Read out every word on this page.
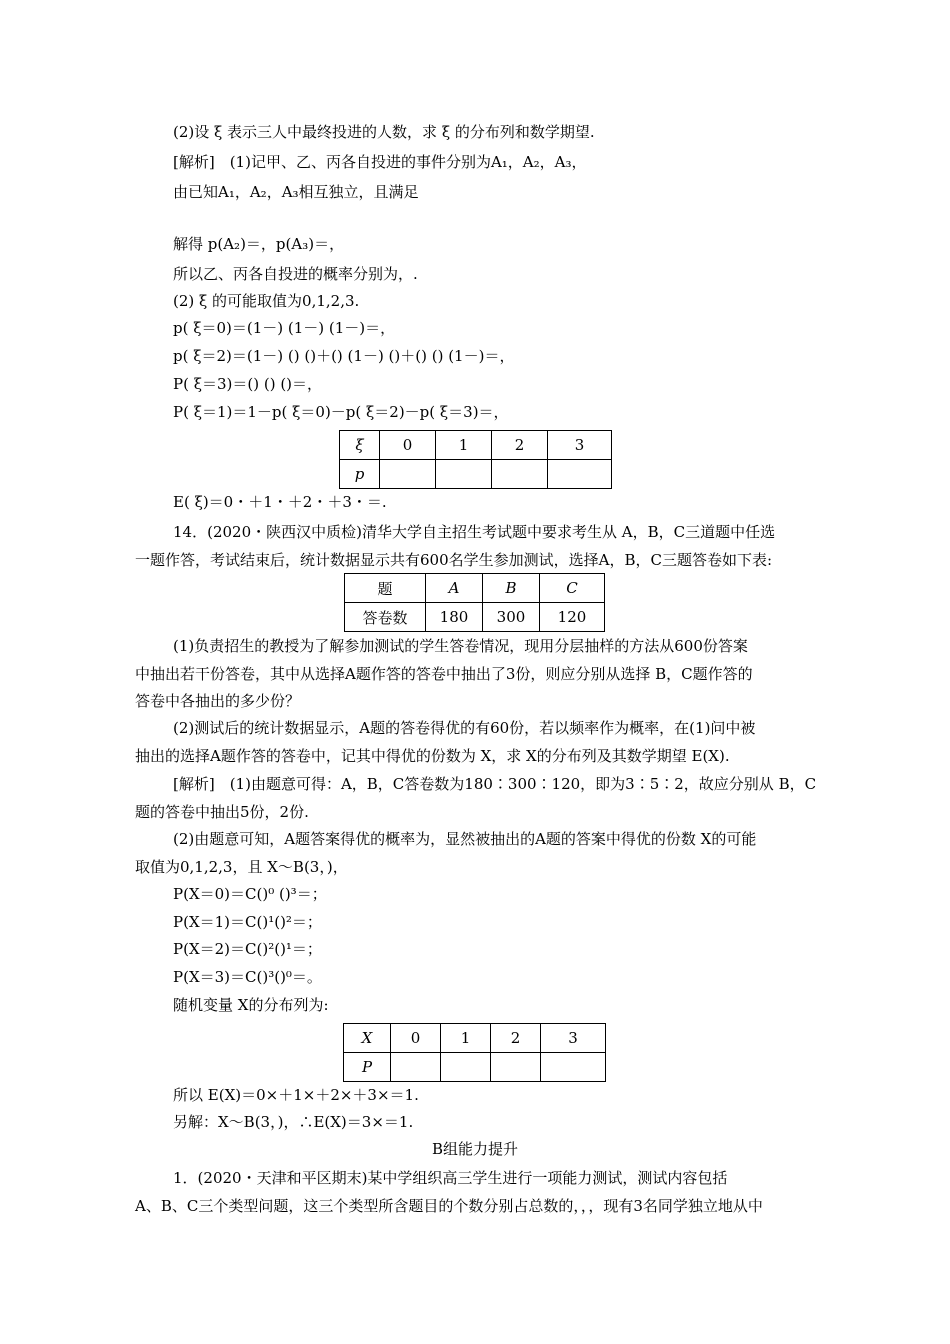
(2)设 ξ 表示三人中最终投进的人数，求 ξ 的分布列和数学期望.
[解析]　(1)记甲、乙、丙各自投进的事件分别为A₁，A₂，A₃，
由已知A₁，A₂，A₃相互独立，且满足
解得 p(A₂)＝，p(A₃)＝，
所以乙、丙各自投进的概率分别为，.
(2) ξ 的可能取值为0,1,2,3.
p( ξ＝0)＝(1－) (1－) (1－)＝，
p( ξ＝2)＝(1－) () ()＋() (1－) ()＋() () (1－)＝，
P( ξ＝3)＝() () ()＝，
P( ξ＝1)＝1－p( ξ＝0)－p( ξ＝2)－p( ξ＝3)＝，
ξ	0	1	2	3
p				
E( ξ)＝0・＋1・＋2・＋3・＝.
14．(2020・陕西汉中质检)清华大学自主招生考试题中要求考生从 A，B，C三道题中任选
一题作答，考试结束后，统计数据显示共有600名学生参加测试，选择A，B，C三题答卷如下表:
题	A	B	C
答卷数	180	300	120
(1)负责招生的教授为了解参加测试的学生答卷情况，现用分层抽样的方法从600份答案
中抽出若干份答卷，其中从选择A题作答的答卷中抽出了3份，则应分别从选择 B，C题作答的
答卷中各抽出的多少份？
(2)测试后的统计数据显示，A题的答卷得优的有60份，若以频率作为概率，在(1)问中被
抽出的选择A题作答的答卷中，记其中得优的份数为 X，求 X的分布列及其数学期望 E(X).
[解析]　(1)由题意可得：A，B，C答卷数为180∶300∶120，即为3∶5∶2，故应分别从 B，C
题的答卷中抽出5份，2份.
(2)由题意可知，A题答案得优的概率为，显然被抽出的A题的答案中得优的份数 X的可能
取值为0,1,2,3，且 X～B(3，)，
P(X＝0)＝C()⁰ ()³＝；
P(X＝1)＝C()¹()²＝；
P(X＝2)＝C()²()¹＝；
P(X＝3)＝C()³()⁰＝。
随机变量 X的分布列为:
X	0	1	2	3
P				
所以 E(X)＝0×＋1×＋2×＋3×＝1.
另解：X～B(3，)，∴E(X)＝3×＝1.
B组能力提升
1．(2020・天津和平区期末)某中学组织高三学生进行一项能力测试，测试内容包括
A、B、C三个类型问题，这三个类型所含题目的个数分别占总数的，，，现有3名同学独立地从中
